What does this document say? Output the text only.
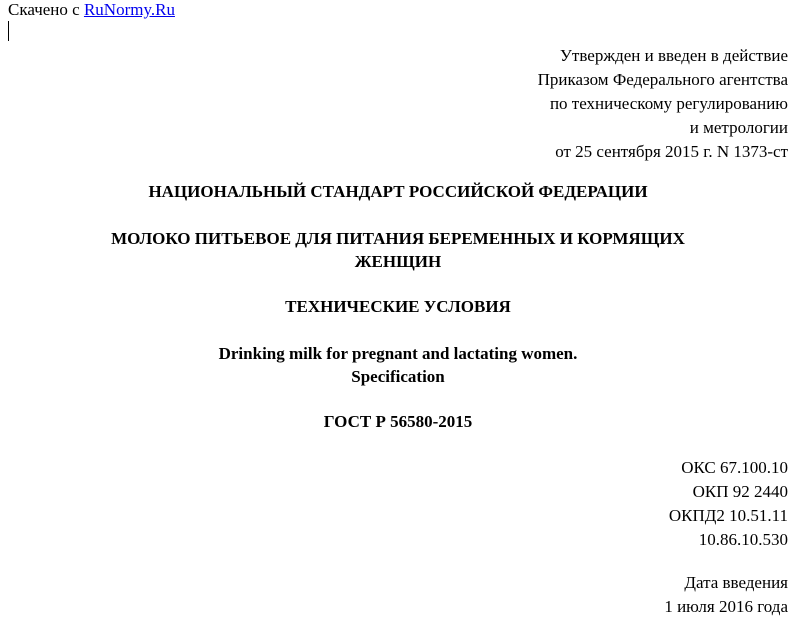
Скачено с RuNormy.Ru
Утвержден и введен в действие
Приказом Федерального агентства
по техническому регулированию
и метрологии
от 25 сентября 2015 г. N 1373-ст
НАЦИОНАЛЬНЫЙ СТАНДАРТ РОССИЙСКОЙ ФЕДЕРАЦИИ
МОЛОКО ПИТЬЕВОЕ ДЛЯ ПИТАНИЯ БЕРЕМЕННЫХ И КОРМЯЩИХ
ЖЕНЩИН
ТЕХНИЧЕСКИЕ УСЛОВИЯ
Drinking milk for pregnant and lactating women.
Specification
ГОСТ Р 56580-2015
ОКС 67.100.10
ОКП 92 2440
ОКПД2 10.51.11
10.86.10.530
Дата введения
1 июля 2016 года
